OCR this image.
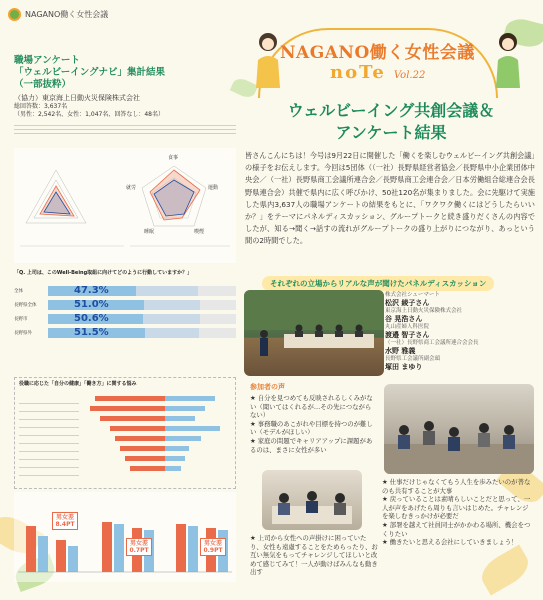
NAGANO働く女性会議
職場アンケート
「ウェルビーイングナビ」集計結果
（一部抜粋）
（協力）東京海上日動火災保険株式会社
総回答数：3,637名
（男性：2,542名、女性：1,047名、回答なし：48名）
食事
就労	運動
睡眠	喫煙
「Q. 上司は、このWell-Being取組に向けてどのように行動していますか？」
全体	47.3%
長野県全体	51.0%
長野市	50.6%
長野県外	51.5%
役職に応じた「自分の健康」「働き方」に関する悩み
男女差 8.4PT
男女差 0.7PT
男女差 0.9PT
NAGANO働く女性会議
noTe Vol.22
ウェルビーイング共創会議＆
アンケート結果
皆さんこんにちは！今号は9月22日に開催した「働くを楽しむウェルビーイング共創会議」の様子をお伝えします。今回は5団体（（一社）長野県経営者協会／長野県中小企業団体中央会／（一社）長野県商工会議所連合会／長野県商工会連合会／日本労働組合総連合会長野県連合会）共催で県内に広く呼びかけ、50社120名が集まりました。会に先駆けて実施した県内3,637人の職場アンケートの結果をもとに、「ワクワク働くにはどうしたらいいか？」をテーマにパネルディスカッション、グループトークと続き盛りだくさんの内容でしたが、知る→聞く→話すの流れがグループトークの盛り上がりにつながり、あっという間の2時間でした。
それぞれの立場からリアルな声が聞けたパネルディスカッション
株式会社シューマート
松沢 綾子さん
東京海上日動火災保険株式会社
谷 晃浩さん
丸山産婦人科医院
渡邉 智子さん
（一社）長野県商工会議所連合会会長
水野 雅義
長野県工会議所副会頭
塚田 まゆり
参加者の声
★ 自分を見つめても反映されるしくみがない（聞いてはくれるが…その先につながらない）
★ 事務職のあこがれや目標を持つのが難しい（モデルがほしい）
★ 家庭の問題でキャリアアップに課題があるのは、まさに女性が多い
★ 仕事だけじゃなくてもう人生を歩みたいのが普なのも共有することが大事
★ 戻っていることは素晴らしいことだと思って、一人が声をあげたら周りも言いはじめた。チャレンジを楽しむきっかけが必要だ
★ 部署を越えて社員同士がかかわる場所、機会をつくりたい
★ 働きたいと思える会社にしていきましょう！
★ 上司から女性への声掛けに困っていたり、女性も遠慮することをためらったり、お互い無気をもってチャレンジしてほしいと改めて感じてみて！一人が動けばみんなも動き出す
